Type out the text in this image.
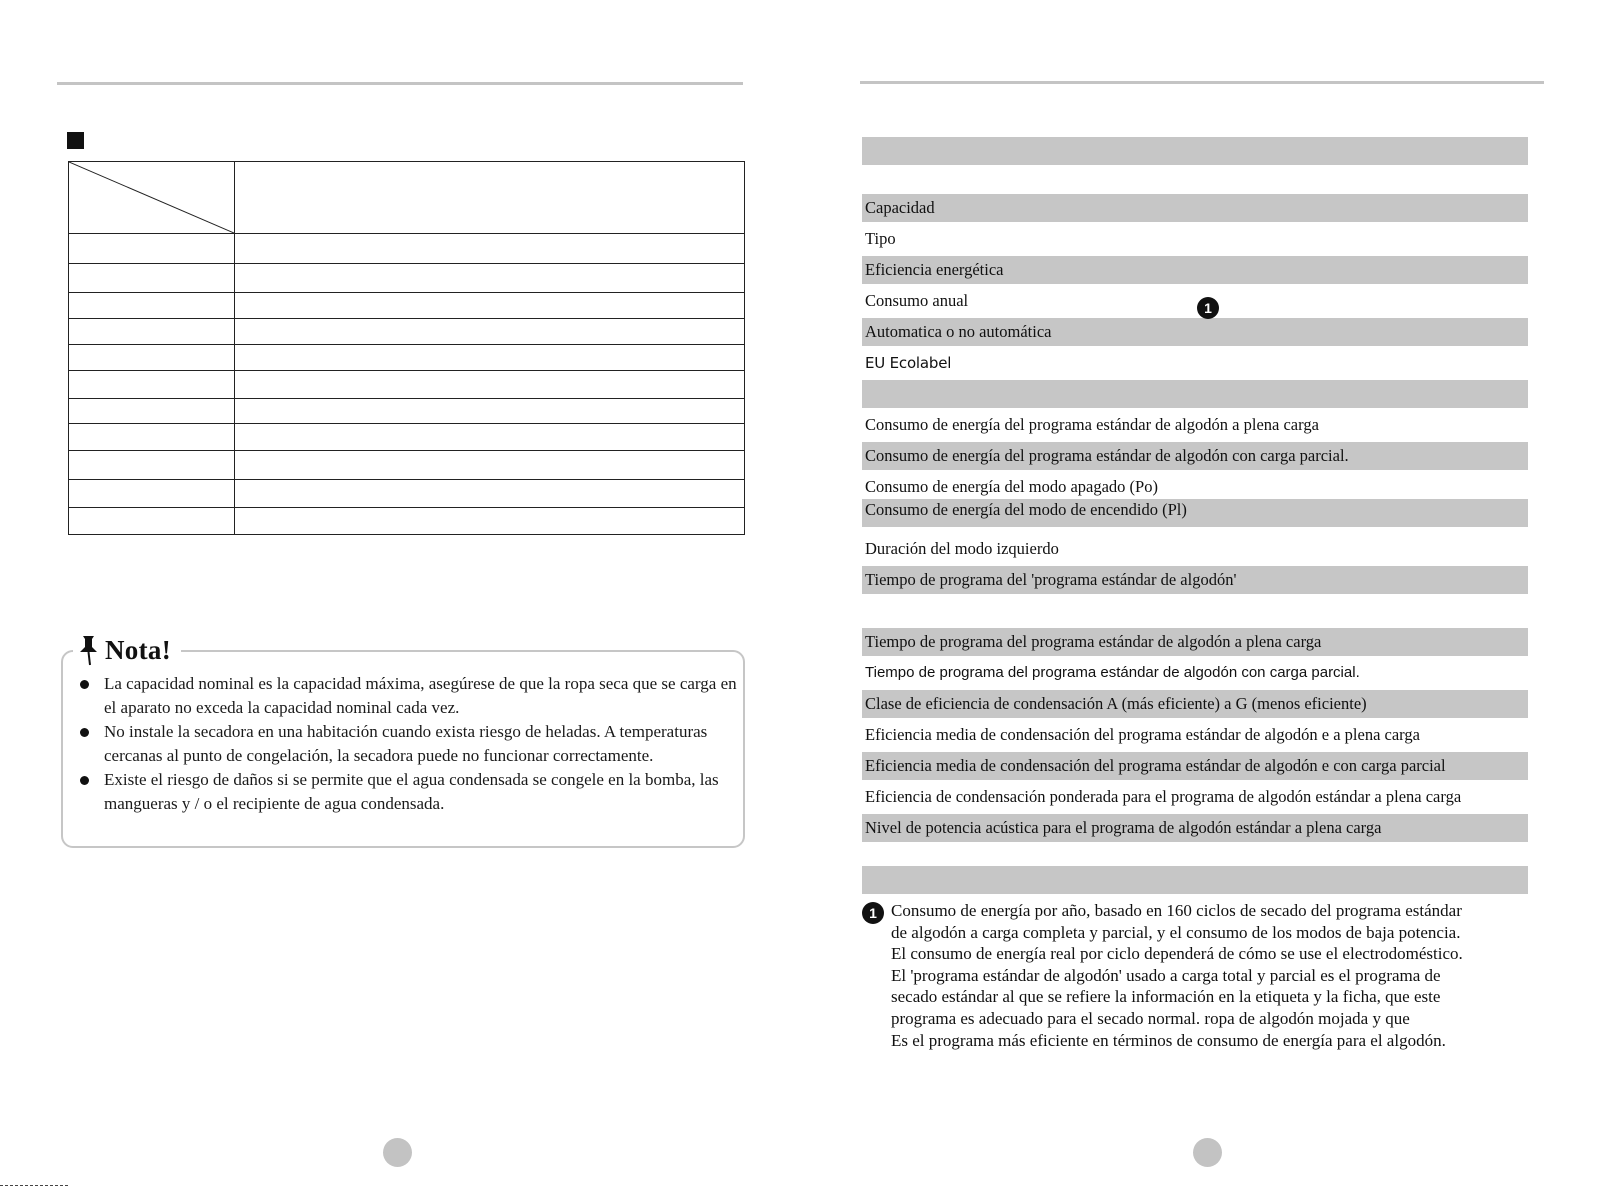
Nota!
La capacidad nominal es la capacidad máxima, asegúrese de que la ropa seca que se carga en el aparato no exceda la capacidad nominal cada vez.
No instale la secadora en una habitación cuando exista riesgo de heladas. A temperaturas cercanas al punto de congelación, la secadora puede no funcionar correctamente.
Existe el riesgo de daños si se permite que el agua condensada se congele en la bomba, las mangueras y / o el recipiente de agua condensada.
Capacidad
Tipo
Eficiencia energética
Consumo anual
Automatica o no automática
EU Ecolabel
Consumo de energía del programa estándar de algodón a plena carga
Consumo de energía del programa estándar de algodón con carga parcial.
Consumo de energía del modo apagado (Po)
Consumo de energía del modo de encendido (Pl)
Duración del modo izquierdo
Tiempo de programa del 'programa estándar de algodón'
Tiempo de programa del programa estándar de algodón a plena carga
Tiempo de programa del programa estándar de algodón con carga parcial.
Clase de eficiencia de condensación A (más eficiente) a G (menos eficiente)
Eficiencia media de condensación del programa estándar de algodón e a plena carga
Eficiencia media de condensación del programa estándar de algodón e con carga parcial
Eficiencia de condensación ponderada para el programa de algodón estándar a plena carga
Nivel de potencia acústica para el programa de algodón estándar a plena carga
1
1 Consumo de energía por año, basado en 160 ciclos de secado del programa estándar
de algodón a carga completa y parcial, y el consumo de los modos de baja potencia.
El consumo de energía real por ciclo dependerá de cómo se use el electrodoméstico.
El 'programa estándar de algodón' usado a carga total y parcial es el programa de
secado estándar al que se refiere la información en la etiqueta y la ficha, que este
programa es adecuado para el secado normal. ropa de algodón mojada y que
Es el programa más eficiente en términos de consumo de energía para el algodón.
